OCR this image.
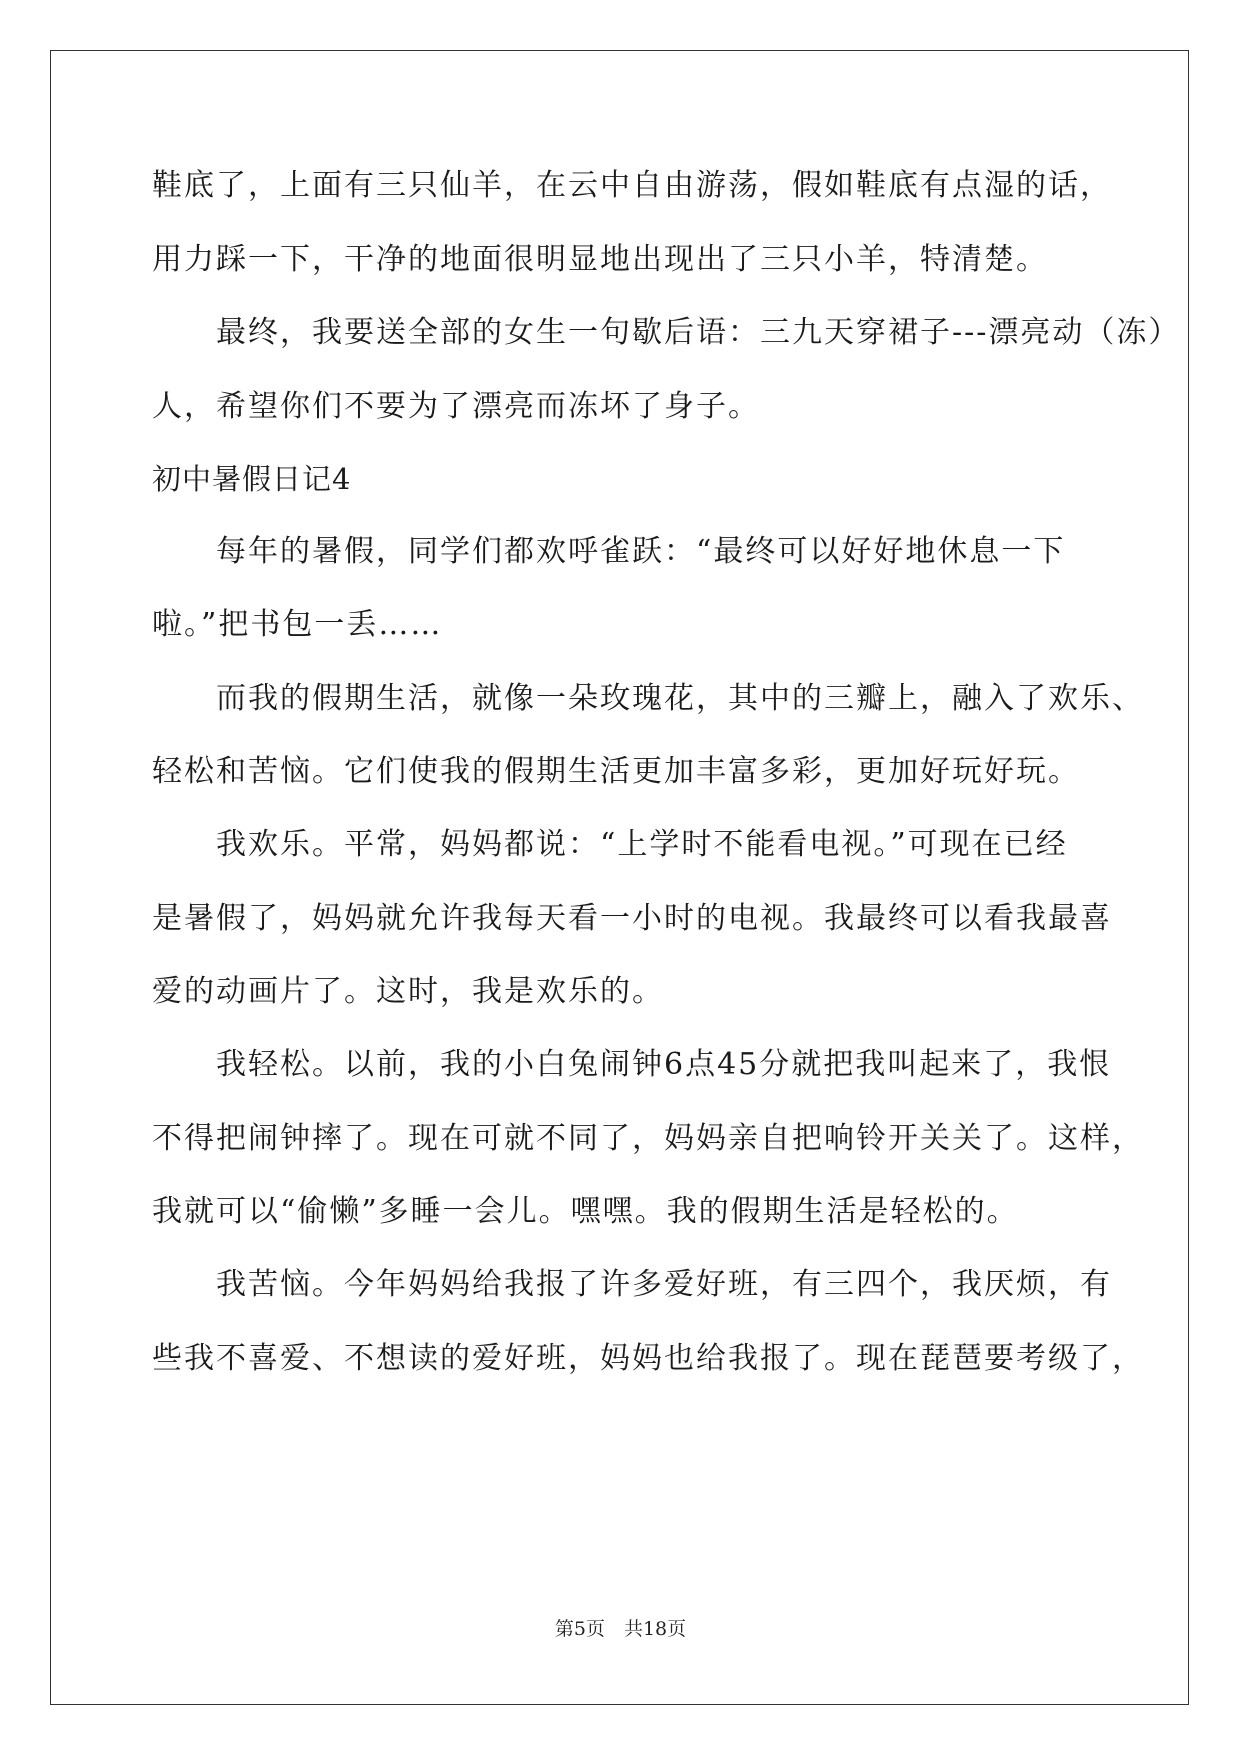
鞋底了，上面有三只仙羊，在云中自由游荡，假如鞋底有点湿的话，
用力踩一下，干净的地面很明显地出现出了三只小羊，特清楚。
最终，我要送全部的女生一句歇后语：三九天穿裙子---漂亮动（冻）
人，希望你们不要为了漂亮而冻坏了身子。
初中暑假日记4
每年的暑假，同学们都欢呼雀跃：“最终可以好好地休息一下
啦。”把书包一丢……
而我的假期生活，就像一朵玫瑰花，其中的三瓣上，融入了欢乐、
轻松和苦恼。它们使我的假期生活更加丰富多彩，更加好玩好玩。
我欢乐。平常，妈妈都说：“上学时不能看电视。”可现在已经
是暑假了，妈妈就允许我每天看一小时的电视。我最终可以看我最喜
爱的动画片了。这时，我是欢乐的。
我轻松。以前，我的小白兔闹钟6点45分就把我叫起来了，我恨
不得把闹钟摔了。现在可就不同了，妈妈亲自把响铃开关关了。这样，
我就可以“偷懒”多睡一会儿。嘿嘿。我的假期生活是轻松的。
我苦恼。今年妈妈给我报了许多爱好班，有三四个，我厌烦，有
些我不喜爱、不想读的爱好班，妈妈也给我报了。现在琵琶要考级了，
第5页　共18页
